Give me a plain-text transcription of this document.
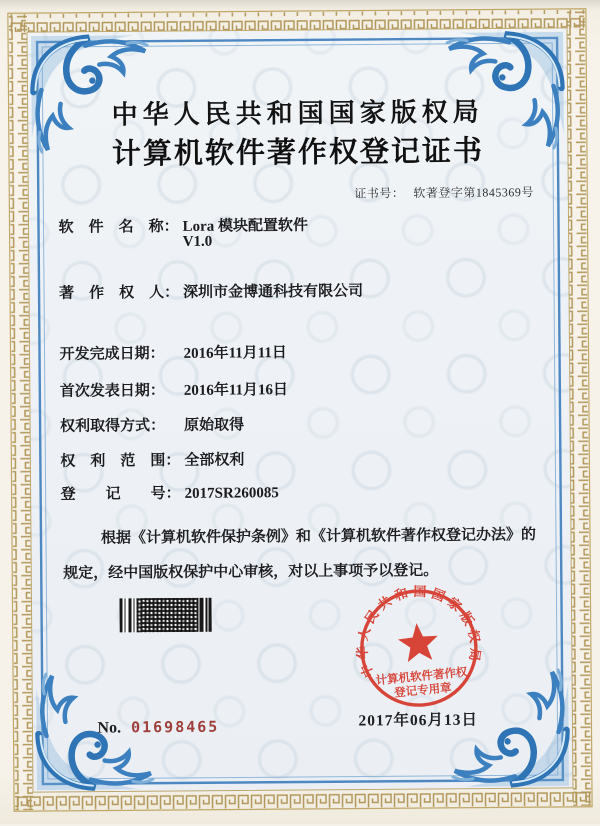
中华人民共和国国家版权局
计算机软件著作权登记证书
证书号： 软著登字第1845369号
软　件　名　称： Lora 模块配置软件
V1.0
著　作　权　人： 深圳市金博通科技有限公司
开发完成日期： 2016年11月11日
首次发表日期： 2016年11月16日
权利取得方式： 原始取得
权　利　范　围： 全部权利
登　　记　　号： 2017SR260085

根据《计算机软件保护条例》和《计算机软件著作权登记办法》的规定，经中国版权保护中心审核，对以上事项予以登记。

中华人民共和国国家版权局
计算机软件著作权
登记专用章
2017年06月13日
No. 01698465
